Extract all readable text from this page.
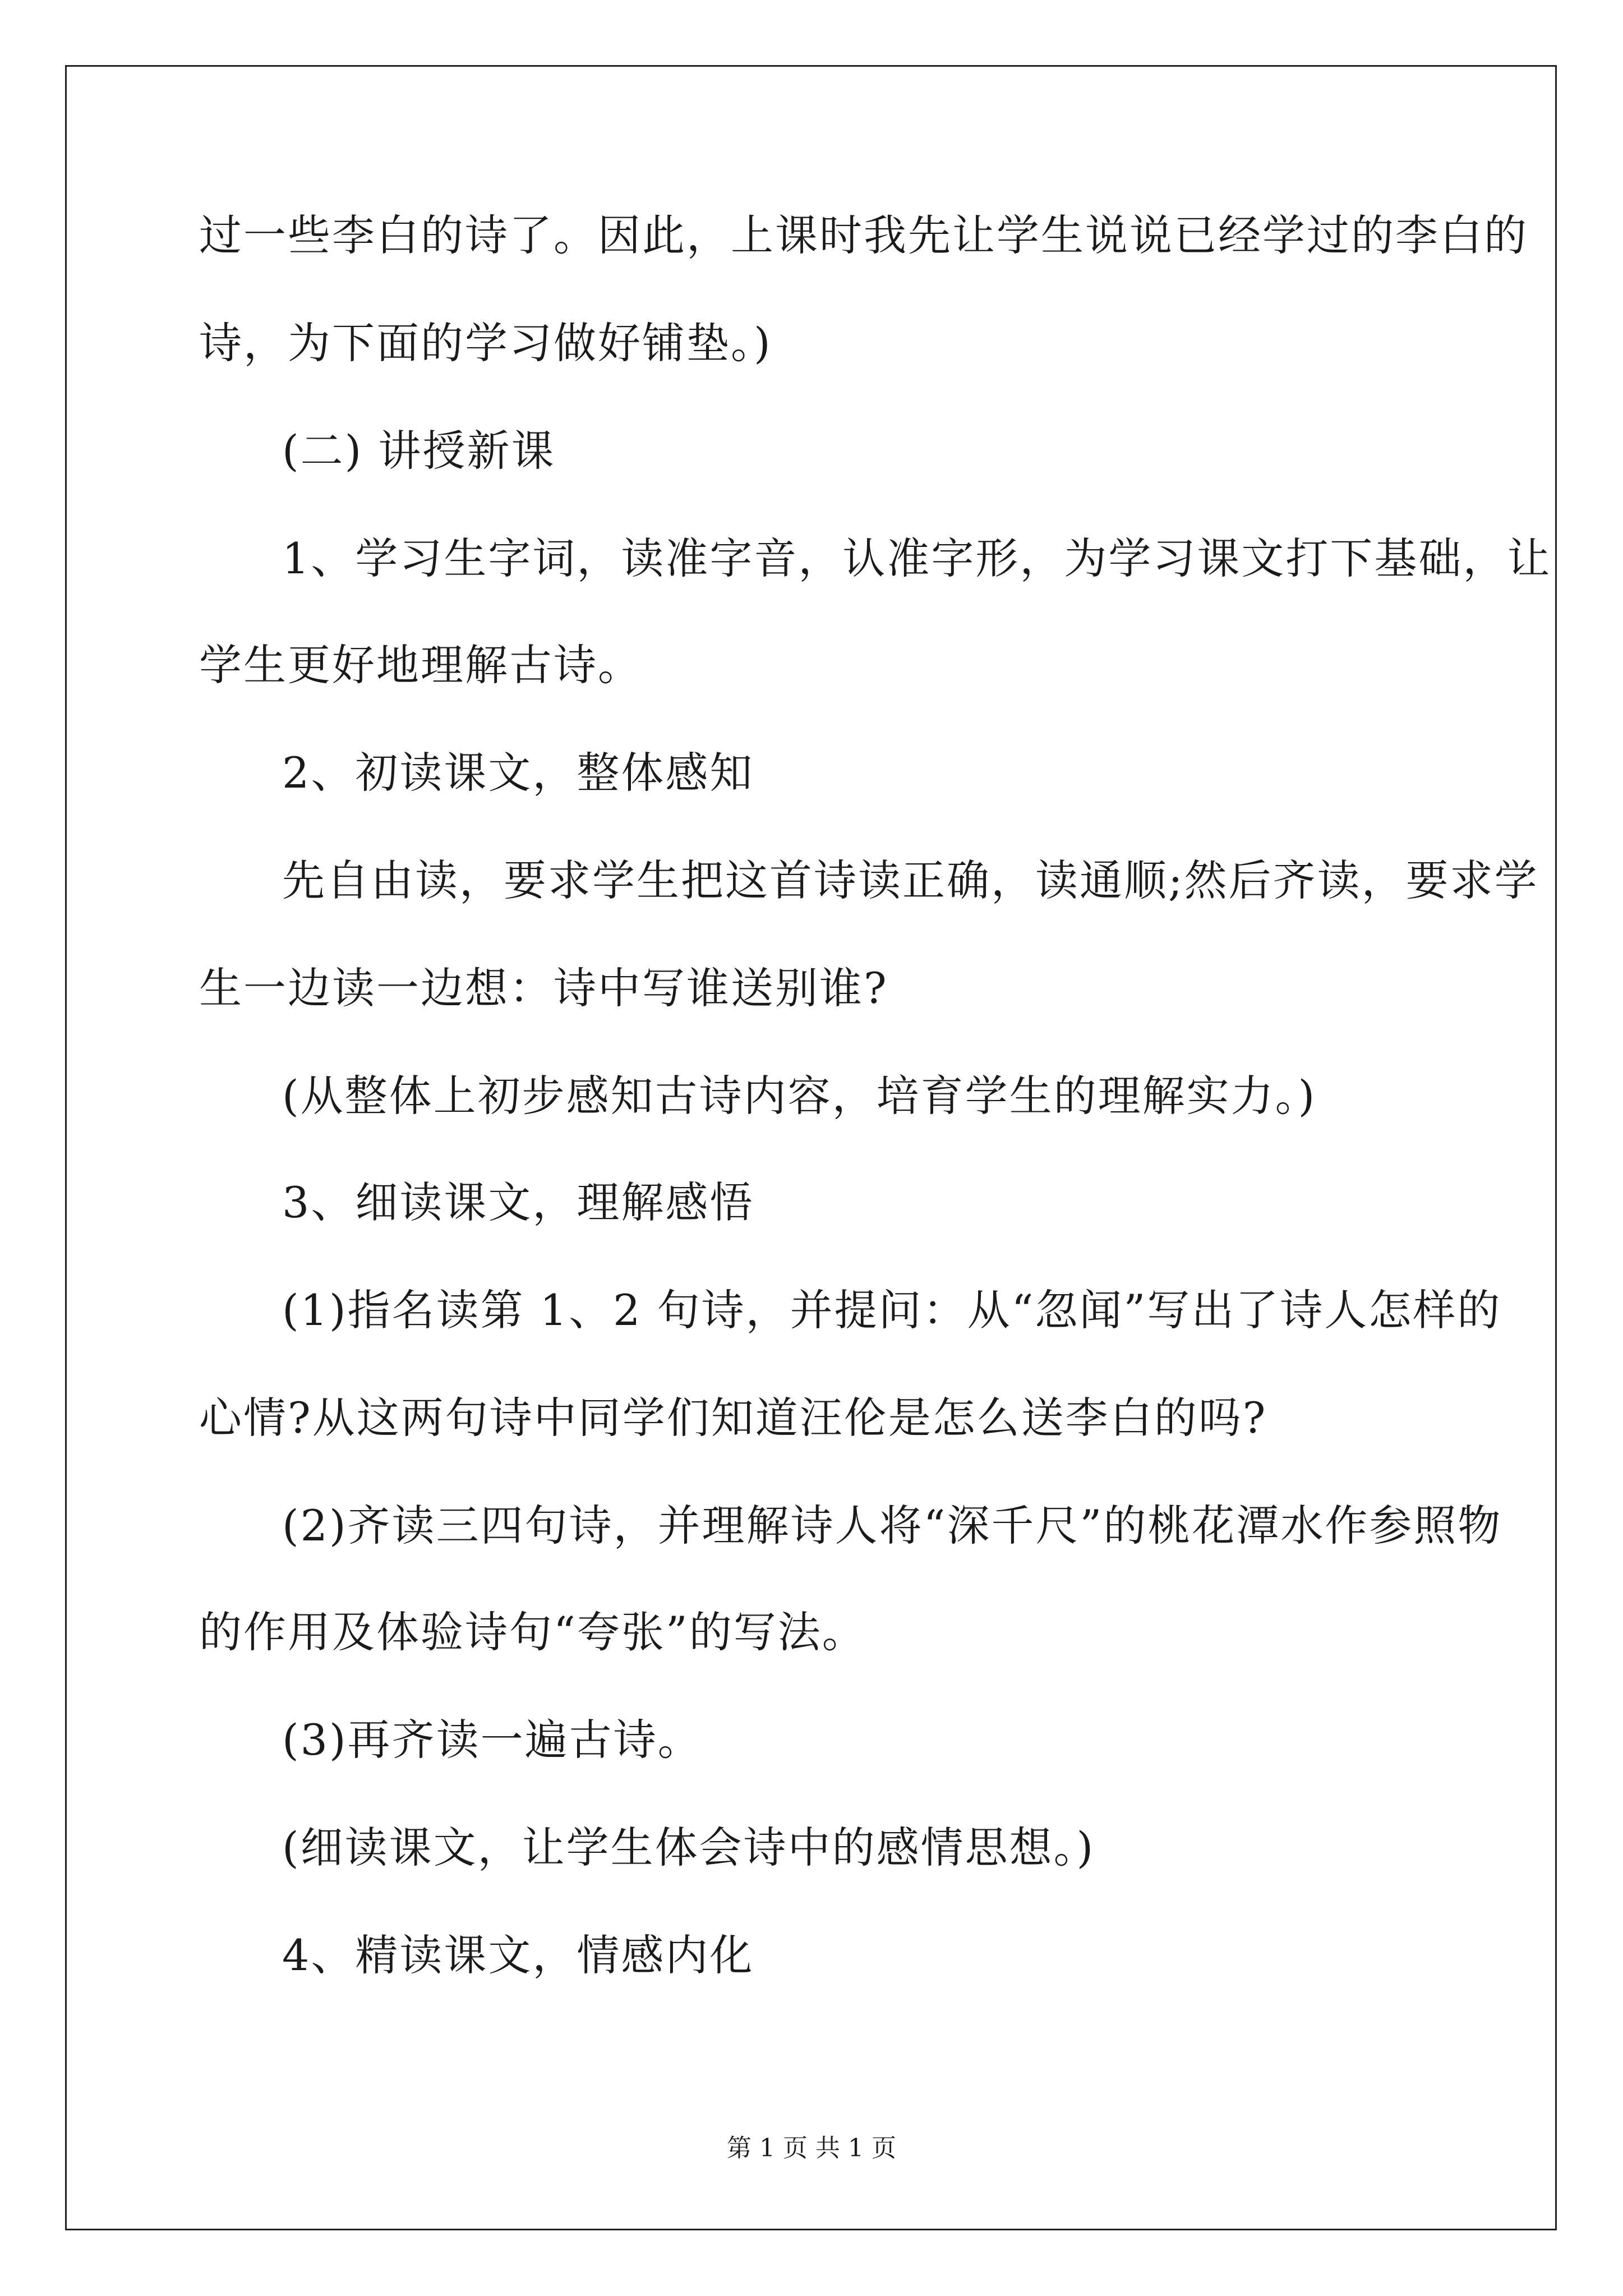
过一些李白的诗了。因此，上课时我先让学生说说已经学过的李白的
诗，为下面的学习做好铺垫。)
(二) 讲授新课
1、学习生字词，读准字音，认准字形，为学习课文打下基础，让
学生更好地理解古诗。
2、初读课文，整体感知
先自由读，要求学生把这首诗读正确，读通顺;然后齐读，要求学
生一边读一边想：诗中写谁送别谁?
(从整体上初步感知古诗内容，培育学生的理解实力。)
3、细读课文，理解感悟
(1)指名读第 1、2 句诗，并提问：从“忽闻”写出了诗人怎样的
心情?从这两句诗中同学们知道汪伦是怎么送李白的吗?
(2)齐读三四句诗，并理解诗人将“深千尺”的桃花潭水作参照物
的作用及体验诗句“夸张”的写法。
(3)再齐读一遍古诗。
(细读课文，让学生体会诗中的感情思想。)
4、精读课文，情感内化
第 1 页 共 1 页
